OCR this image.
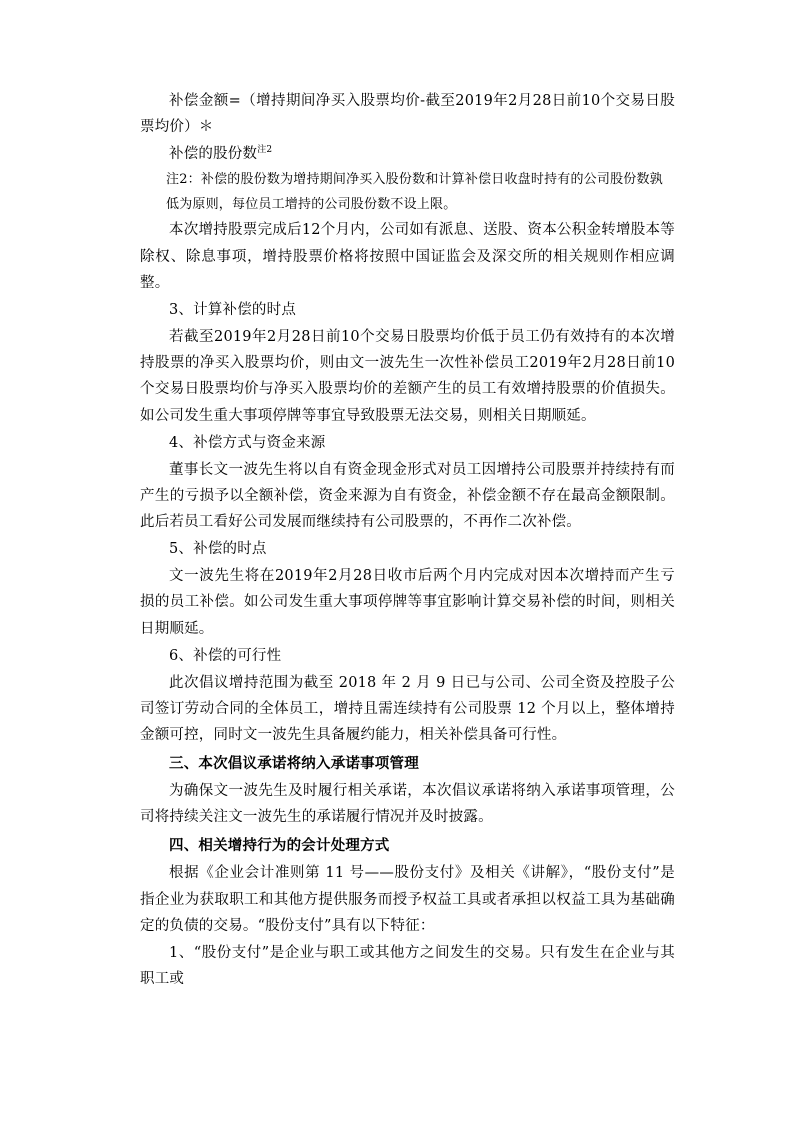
补偿金额=（增持期间净买入股票均价-截至2019年2月28日前10个交易日股票均价）＊

补偿的股份数$^{注2}$

注2：补偿的股份数为增持期间净买入股份数和计算补偿日收盘时持有的公司股份数孰

低为原则，每位员工增持的公司股份数不设上限。

本次增持股票完成后12个月内，公司如有派息、送股、资本公积金转增股本等除权、除息事项，增持股票价格将按照中国证监会及深交所的相关规则作相应调整。

3、计算补偿的时点

若截至2019年2月28日前10个交易日股票均价低于员工仍有效持有的本次增持股票的净买入股票均价，则由文一波先生一次性补偿员工2019年2月28日前10个交易日股票均价与净买入股票均价的差额产生的员工有效增持股票的价值损失。如公司发生重大事项停牌等事宜导致股票无法交易，则相关日期顺延。

4、补偿方式与资金来源

董事长文一波先生将以自有资金现金形式对员工因增持公司股票并持续持有而产生的亏损予以全额补偿，资金来源为自有资金，补偿金额不存在最高金额限制。此后若员工看好公司发展而继续持有公司股票的，不再作二次补偿。

5、补偿的时点

文一波先生将在2019年2月28日收市后两个月内完成对因本次增持而产生亏损的员工补偿。如公司发生重大事项停牌等事宜影响计算交易补偿的时间，则相关日期顺延。

6、补偿的可行性

此次倡议增持范围为截至 2018 年 2 月 9 日已与公司、公司全资及控股子公司签订劳动合同的全体员工，增持且需连续持有公司股票 12 个月以上，整体增持金额可控，同时文一波先生具备履约能力，相关补偿具备可行性。

三、本次倡议承诺将纳入承诺事项管理

为确保文一波先生及时履行相关承诺，本次倡议承诺将纳入承诺事项管理，公司将持续关注文一波先生的承诺履行情况并及时披露。

四、相关增持行为的会计处理方式

根据《企业会计准则第 11 号——股份支付》及相关《讲解》，“股份支付”是指企业为获取职工和其他方提供服务而授予权益工具或者承担以权益工具为基础确定的负债的交易。“股份支付”具有以下特征：

1、“股份支付”是企业与职工或其他方之间发生的交易。只有发生在企业与其职工或
